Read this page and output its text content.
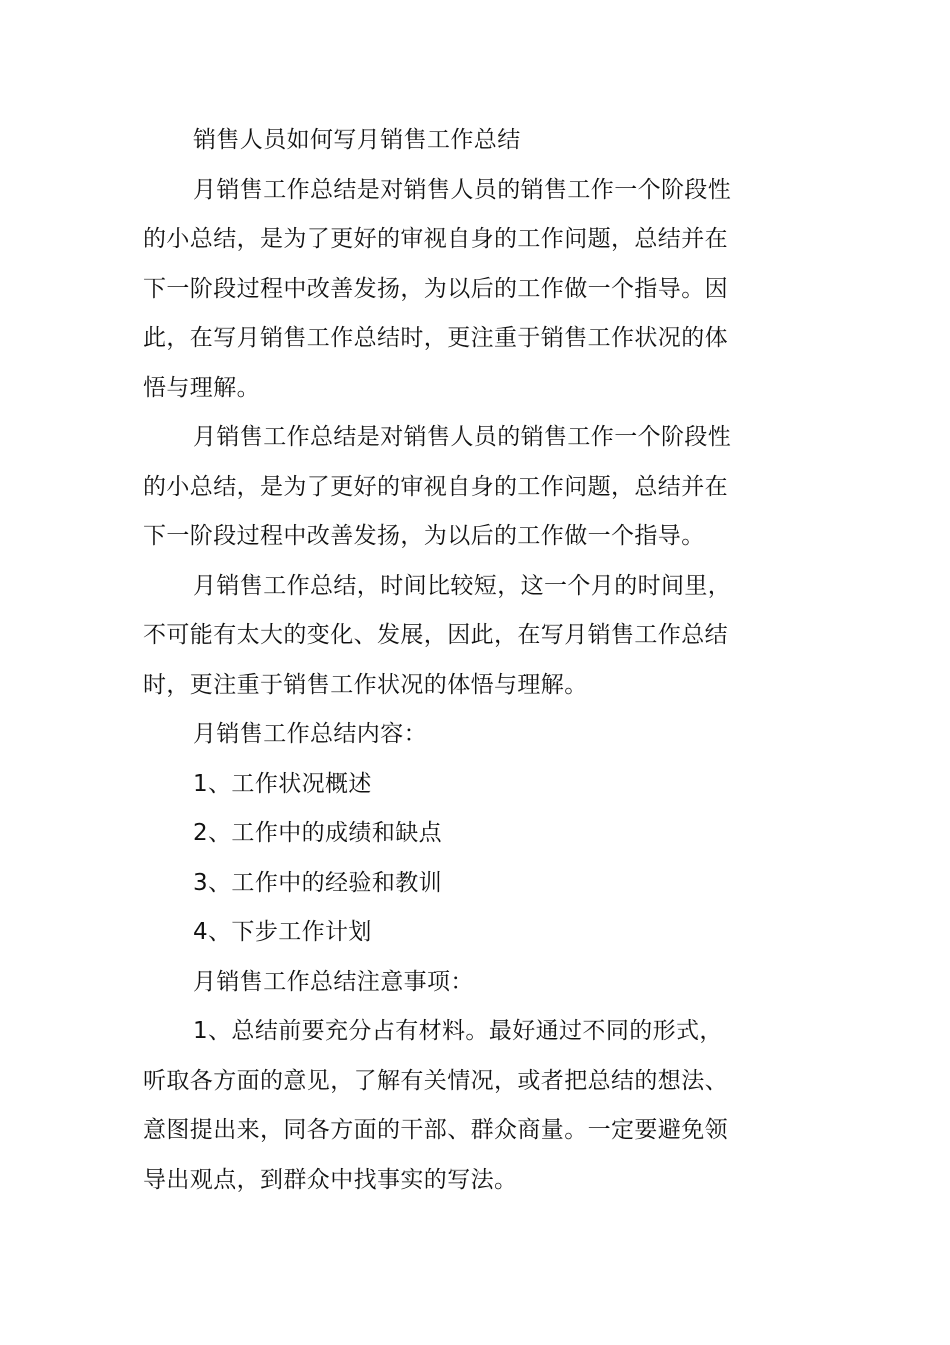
销售人员如何写月销售工作总结

月销售工作总结是对销售人员的销售工作一个阶段性的小总结，是为了更好的审视自身的工作问题，总结并在下一阶段过程中改善发扬，为以后的工作做一个指导。因此，在写月销售工作总结时，更注重于销售工作状况的体悟与理解。

月销售工作总结是对销售人员的销售工作一个阶段性的小总结，是为了更好的审视自身的工作问题，总结并在下一阶段过程中改善发扬，为以后的工作做一个指导。

月销售工作总结，时间比较短，这一个月的时间里，不可能有太大的变化、发展，因此，在写月销售工作总结时，更注重于销售工作状况的体悟与理解。

月销售工作总结内容：

1、工作状况概述

2、工作中的成绩和缺点

3、工作中的经验和教训

4、下步工作计划

月销售工作总结注意事项：

1、总结前要充分占有材料。最好通过不同的形式，听取各方面的意见，了解有关情况，或者把总结的想法、意图提出来，同各方面的干部、群众商量。一定要避免领导出观点，到群众中找事实的写法。
